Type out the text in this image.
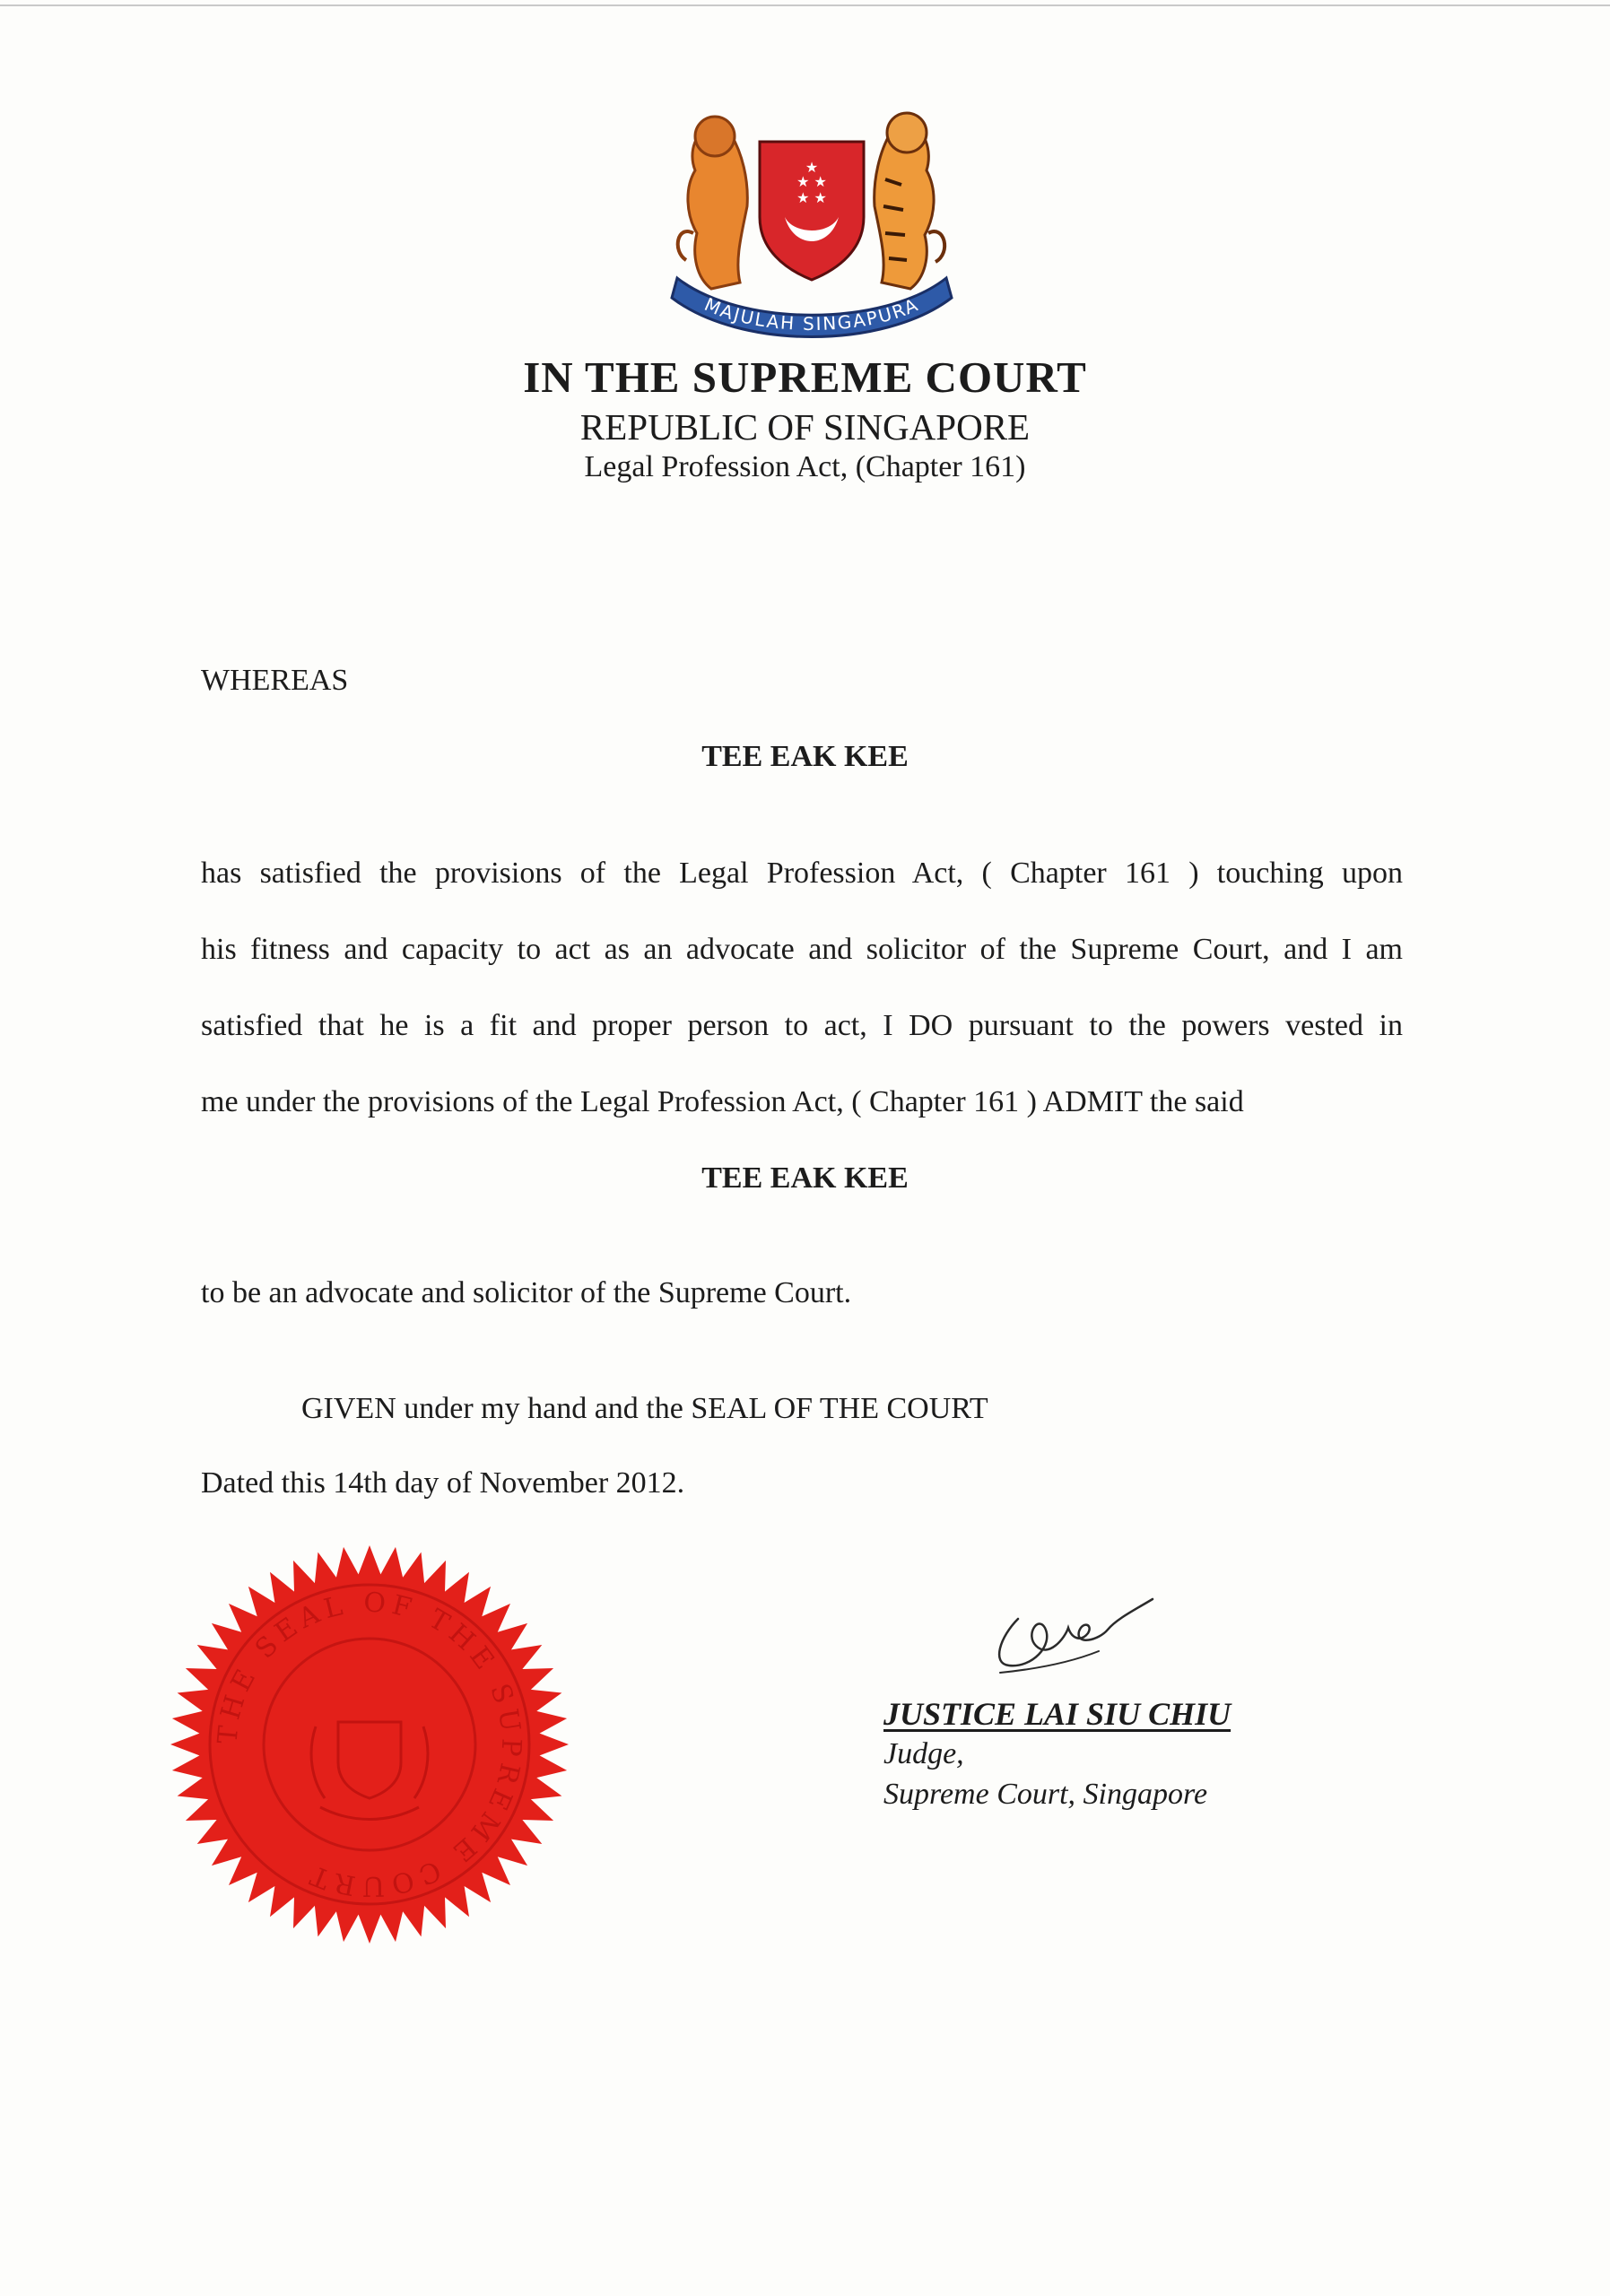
★ ★
★
★ ★
MAJULAH SINGAPURA
IN THE SUPREME COURT
REPUBLIC OF SINGAPORE
Legal Profession Act, (Chapter 161)
WHEREAS
TEE EAK KEE
has satisfied the provisions of the Legal Profession Act, ( Chapter 161 ) touching upon
his fitness and capacity to act as an advocate and solicitor of the Supreme Court, and I am
satisfied that he is a fit and proper person to act, I DO pursuant to the powers vested in
me under the provisions of the Legal Profession Act, ( Chapter 161 ) ADMIT the said
TEE EAK KEE
to be an advocate and solicitor of the Supreme Court.
GIVEN under my hand and the SEAL OF THE COURT
Dated this 14th day of November 2012.
THE SEAL OF THE SUPREME COURT
JUSTICE LAI SIU CHIU
Judge,
Supreme Court, Singapore
